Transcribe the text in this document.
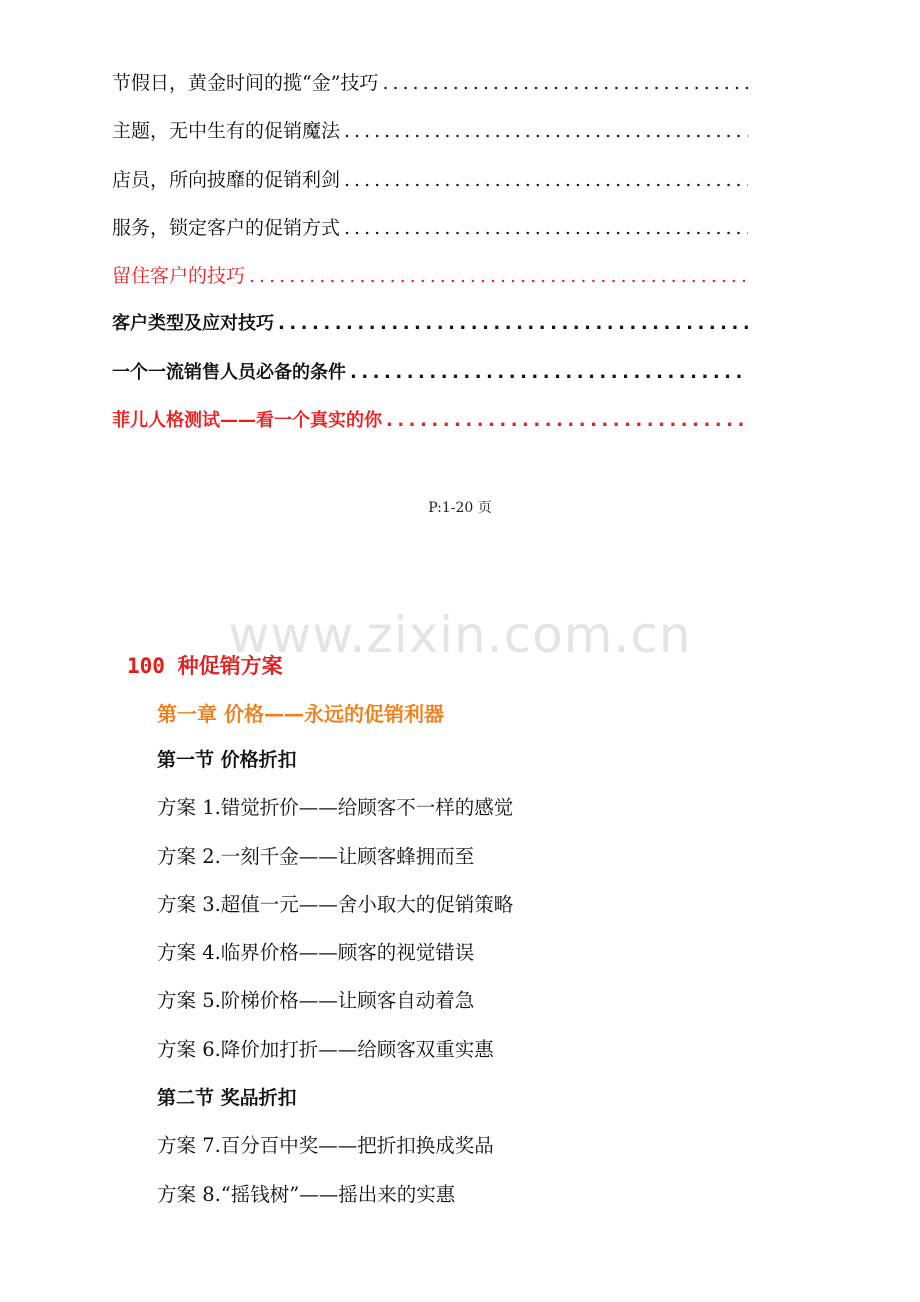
节假日，黄金时间的揽“金”技巧
.....
主题，无中生有的促销魔法
.....
店员，所向披靡的促销利剑
.....
服务，锁定客户的促销方式
.....
留住客户的技巧
.....
客户类型及应对技巧
.....
一个一流销售人员必备的条件
.....
菲儿人格测试——看一个真实的你
.....
P:1-20 页
www.zixin.com.cn
100 种促销方案
第一章 价格——永远的促销利器
第一节 价格折扣
方案 1.错觉折价——给顾客不一样的感觉
方案 2.一刻千金——让顾客蜂拥而至
方案 3.超值一元——舍小取大的促销策略
方案 4.临界价格——顾客的视觉错误
方案 5.阶梯价格——让顾客自动着急
方案 6.降价加打折——给顾客双重实惠
第二节 奖品折扣
方案 7.百分百中奖——把折扣换成奖品
方案 8.“摇钱树”——摇出来的实惠
